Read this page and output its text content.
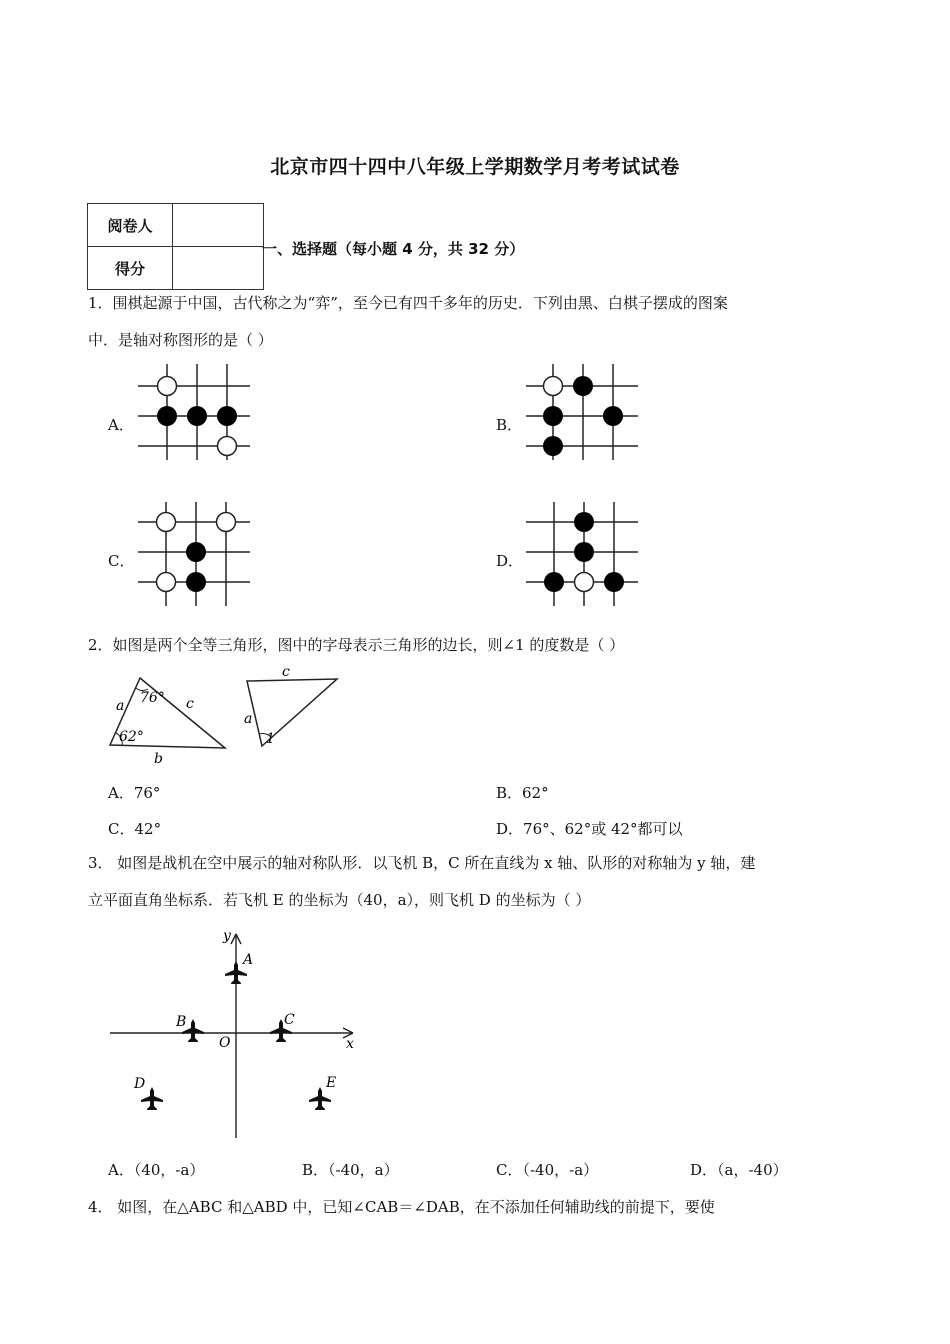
北京市四十四中八年级上学期数学月考考试试卷
阅卷人	
得分	
一、选择题（每小题 4 分，共 32 分）
1．围棋起源于中国，古代称之为“弈”，至今已有四千多年的历史．下列由黑、白棋子摆成的图案
中．是轴对称图形的是（ ）
A．	B．
C．	D．
2．如图是两个全等三角形，图中的字母表示三角形的边长，则∠1 的度数是（ ）
76°
62°
a	c
b
c
a
1
A．76°	B．62°
C．42°	D．76°、62°或 42°都可以
3． 如图是战机在空中展示的轴对称队形．以飞机 B，C 所在直线为 x 轴、队形的对称轴为 y 轴，建
立平面直角坐标系．若飞机 E 的坐标为（40，a），则飞机 D 的坐标为（ ）
x
y
O
A
B	C
D	E
A．（40，-a）	B．（-40，a）	C．（-40，-a）	D．（a，-40）
4． 如图，在△ABC 和△ABD 中，已知∠CAB＝∠DAB，在不添加任何辅助线的前提下，要使
